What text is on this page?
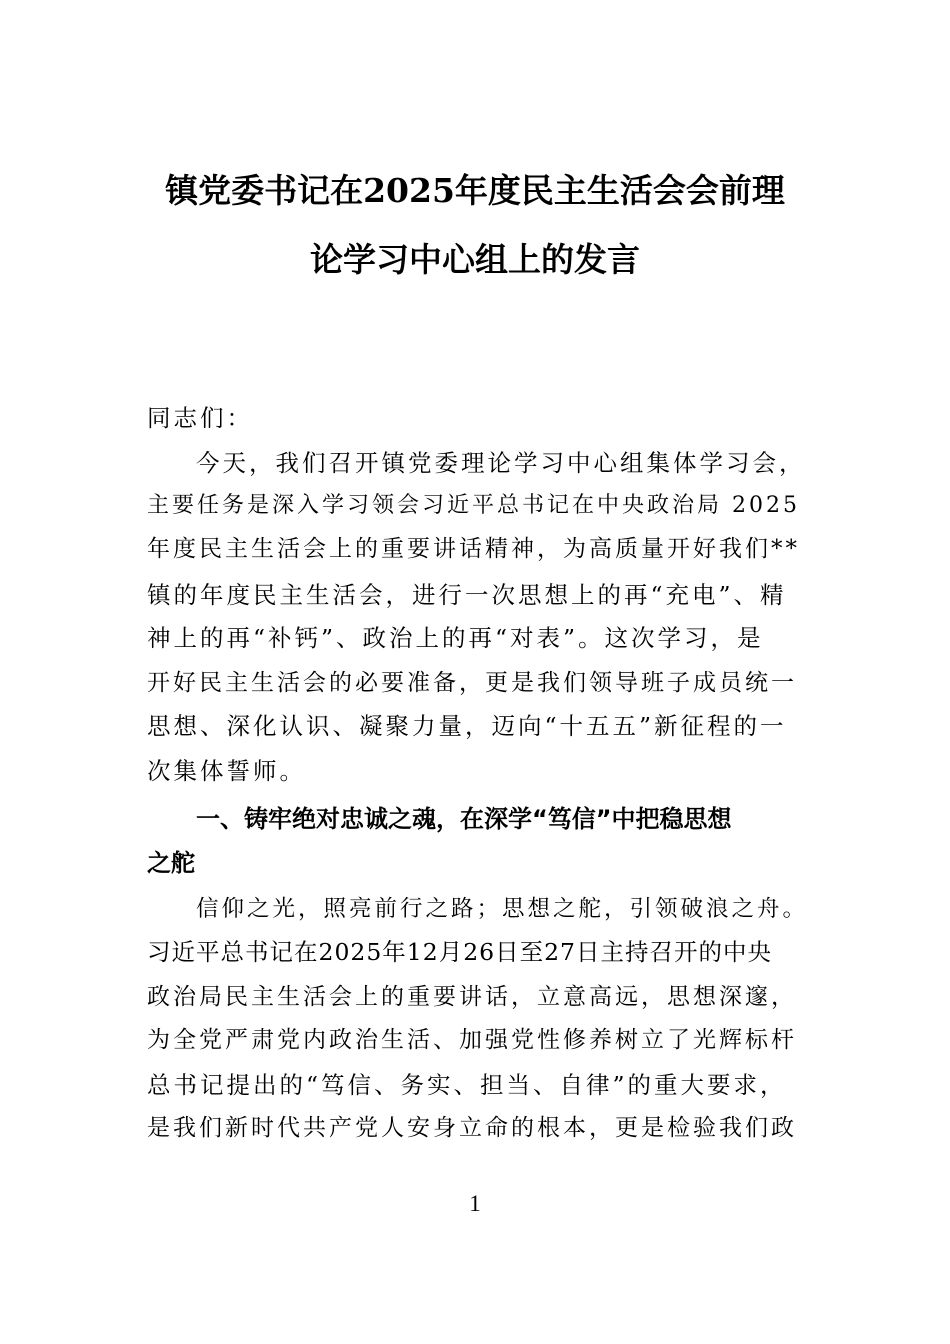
镇党委书记在2025年度民主生活会会前理
论学习中心组上的发言
同志们：
今天，我们召开镇党委理论学习中心组集体学习会，
主要任务是深入学习领会习近平总书记在中央政治局 2025
年度民主生活会上的重要讲话精神，为高质量开好我们**
镇的年度民主生活会，进行一次思想上的再“充电”、精
神上的再“补钙”、政治上的再“对表”。这次学习，是
开好民主生活会的必要准备，更是我们领导班子成员统一
思想、深化认识、凝聚力量，迈向“十五五”新征程的一
次集体誓师。
一、铸牢绝对忠诚之魂，在深学“笃信”中把稳思想
之舵
信仰之光，照亮前行之路；思想之舵，引领破浪之舟。
习近平总书记在2025年12月26日至27日主持召开的中央
政治局民主生活会上的重要讲话，立意高远，思想深邃，
为全党严肃党内政治生活、加强党性修养树立了光辉标杆
总书记提出的“笃信、务实、担当、自律”的重大要求，
是我们新时代共产党人安身立命的根本，更是检验我们政
1
